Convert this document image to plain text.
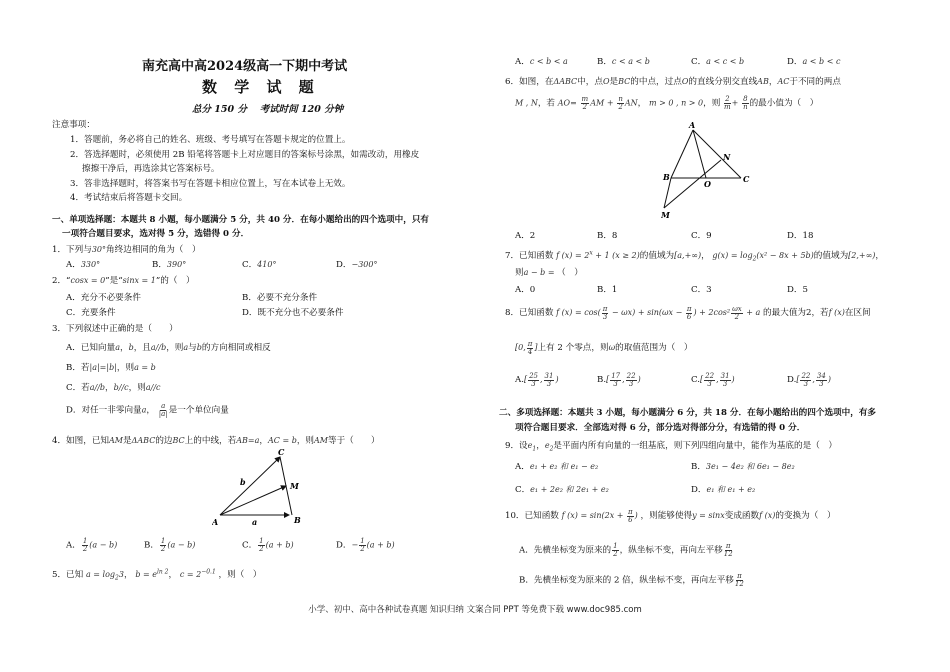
南充高中高2024级高一下期中考试
数 学 试 题
总分 150 分　 考试时间 120 分钟
注意事项：
1．答题前，务必将自己的姓名、班级、考号填写在答题卡规定的位置上。
2．答选择题时，必须使用 2B 铅笔将答题卡上对应题目的答案标号涂黑，如需改动，用橡皮
擦擦干净后，再选涂其它答案标号。
3．答非选择题时，将答案书写在答题卡相应位置上，写在本试卷上无效。
4．考试结束后将答题卡交回。
一、单项选择题：本题共 8 小题，每小题满分 5 分，共 40 分．在每小题给出的四个选项中，只有
一项符合题目要求，选对得 5 分，选错得 0 分．
1．下列与30°角终边相同的角为（　）
A．330°	B．390°	C．410°	D．−300°
2．“cosx = 0”是“sinx = 1”的（　）
A．充分不必要条件	B．必要不充分条件
C．充要条件	D．既不充分也不必要条件
3．下列叙述中正确的是（　　）
A．已知向量a，b，且a//b，则a与b的方向相同或相反
B．若|a|=|b|，则a = b
C．若a//b，b//c，则a//c
D．对任一非零向量a， $\frac{a}{|a|}$是一个单位向量
4．如图，已知AM是ΔABC的边BC上的中线，若AB=a，AC = b，则AM等于（　　）
A	B
C
M
a
b
A．$\frac{1}{2}(a - b)$	B．$\frac{1}{2}(a - b)$	C．$\frac{1}{2}(a + b)$	D．$-\frac{1}{2}(a + b)$
5．已知 $a = \log_23$， $b = e^{ln 2}$， $c = 2^{-0.1}$ ，则（　）
A．c < b < a	B．c < a < b	C．a < c < b	D．a < b < c
6．如图，在ΔABC中，点O是BC的中点，过点O的直线分别交直线AB，AC于不同的两点
M , N，若 $AO= \frac{m}{2}AM + \frac{n}{2}AN$， m > 0 , n > 0，则 $\frac{2}{m}+ \frac{8}{n}$的最小值为（　）
A
B	C
M
N
O
A．2	B．8	C．9	D．18
7．已知函数 f $(x) = 2^x + 1$ (x ≥ 2)的值域为[a,+∞)， $g(x) = \log_2(x^2 - 8x + 5b)$的值域为[2,+∞)，
则a − b = （　）
A．0	B．1	C．3	D．5
8．已知函数 f $(x) = \cos(\frac{\pi}{3} - \omega x) + \sin(\omega x - \frac{\pi}{6}) + 2\cos^2\frac{\omega x}{2} + a$ 的最大值为2，若f (x)在区间
$[0,\frac{\pi}{4}]$上有 2 个零点，则ω的取值范围为（　）
$A.[\frac{25}{3},\frac{31}{3})$	$B.[\frac{17}{3},\frac{22}{3})$	$C.[\frac{22}{3},\frac{31}{3})$	$D.[\frac{22}{3},\frac{34}{3})$
二、多项选择题：本题共 3 小题，每小题满分 6 分，共 18 分．在每小题给出的四个选项中，有多
项符合题目要求．全部选对得 6 分，部分选对得部分分，有选错的得 0 分．
9．设$e_1$，$e_2$是平面内所有向量的一组基底，则下列四组向量中，能作为基底的是（　）
A．e₁ + e₂ 和 e₁ − e₂	B．3e₁ − 4e₂ 和 6e₁ − 8e₂
C．e₁ + 2e₂ 和 2e₁ + e₂	D．e₁ 和 e₁ + e₂
10．已知函数 f $(x) = \sin(2x + \frac{\pi}{6})$ ，则能够使得y = sinx变成函数f (x)的变换为（　）
A．先横坐标变为原来的$\frac{1}{2}$，纵坐标不变，再向左平移$\frac{\pi}{12}$
B．先横坐标变为原来的 2 倍，纵坐标不变，再向左平移$\frac{\pi}{12}$
小学、初中、高中各种试卷真题 知识归纳 文案合同 PPT 等免费下载 www.doc985.com
